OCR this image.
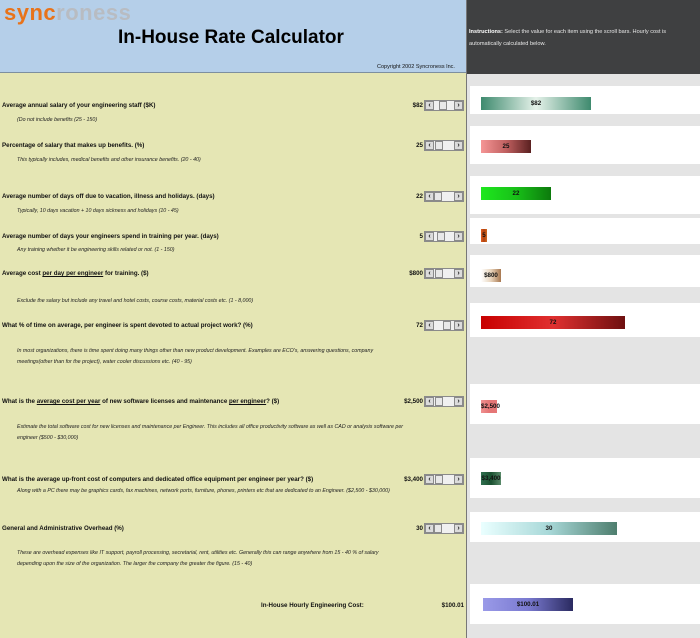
syncroness
In-House Rate Calculator
Copyright 2002 Syncroness Inc.
Instructions: Select the value for each item using the scroll bars. Hourly cost is automatically calculated below.
Average annual salary of your engineering staff ($K)
(Do not include benefits (25 - 150)
$82 ‹	›	$82
Percentage of salary that makes up benefits. (%)
This typically includes, medical benefits and other insurance benefits. (20 - 40)
25 ‹	›	25
Average number of days off due to vacation, illness and holidays. (days)
Typically, 10 days vacation + 10 days sickness and holidays (10 - 45)
22 ‹	›	22
Average number of days your engineers spend in training per year. (days)
Any training whether it be engineering skills related or not. (1 - 150)
5 ‹	›	5
Average cost per day per engineer for training. ($)
Exclude the salary but include any travel and hotel costs, course costs, material costs etc. (1 - 8,000)
$800 ‹	›	$800
What % of time on average, per engineer is spent devoted to actual project work? (%)
In most organizations, there is time spent doing many things other than new product development. Examples are ECO's, answering questions, company meetings(other than for the project), water cooler discussions etc. (40 - 95)
72 ‹	›	72
What is the average cost per year of new software licenses and maintenance per engineer? ($)
Estimate the total software cost for new licenses and maintenance per Engineer. This includes all office productivity software as well as CAD or analysis software per engineer ($500 - $30,000)
$2,500 ‹	›
$2,500
What is the average up-front cost of computers and dedicated office equipment per engineer per year? ($)
Along with a PC there may be graphics cards, fax machines, network ports, furniture, phones, printers etc that are dedicated to an Engineer. ($2,500 - $30,000)
$3,400 ‹	›	$3,400
General and Administrative Overhead (%)
These are overhead expenses like IT support, payroll processing, secretarial, rent, utilities etc. Generally this can range anywhere from 15 - 40 % of salary depending upon the size of the organization. The larger the company the greater the figure. (15 - 40)
30 ‹	›	30
In-House Hourly Engineering Cost:	$100.01	$100.01
